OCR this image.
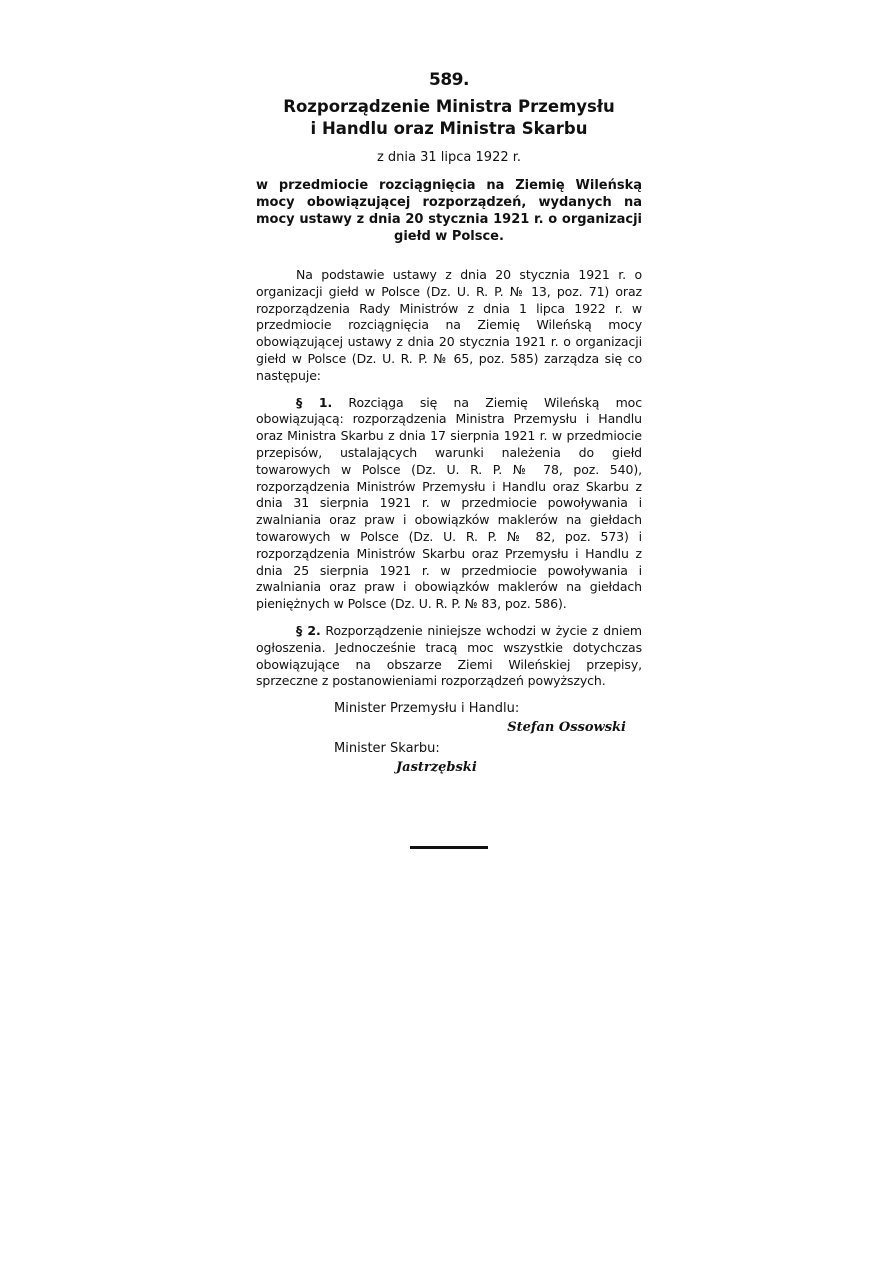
589.
Rozporządzenie Ministra Przemysłu
i Handlu oraz Ministra Skarbu
z dnia 31 lipca 1922 r.
w przedmiocie rozciągnięcia na Ziemię Wileńską mocy obowiązującej rozporządzeń, wydanych na mocy ustawy z dnia 20 stycznia 1921 r. o organizacji giełd w Polsce.

Na podstawie ustawy z dnia 20 stycznia 1921 r. o organizacji giełd w Polsce (Dz. U. R. P. № 13, poz. 71) oraz rozporządzenia Rady Ministrów z dnia 1 lipca 1922 r. w przedmiocie rozciągnięcia na Ziemię Wileńską mocy obowiązującej ustawy z dnia 20 stycznia 1921 r. o organizacji giełd w Polsce (Dz. U. R. P. № 65, poz. 585) zarządza się co następuje:

§ 1. Rozciąga się na Ziemię Wileńską moc obowiązującą: rozporządzenia Ministra Przemysłu i Handlu oraz Ministra Skarbu z dnia 17 sierpnia 1921 r. w przedmiocie przepisów, ustalających warunki należenia do giełd towarowych w Polsce (Dz. U. R. P. № 78, poz. 540), rozporządzenia Ministrów Przemysłu i Handlu oraz Skarbu z dnia 31 sierpnia 1921 r. w przedmiocie powoływania i zwalniania oraz praw i obowiązków maklerów na giełdach towarowych w Polsce (Dz. U. R. P. № 82, poz. 573) i rozporządzenia Ministrów Skarbu oraz Przemysłu i Handlu z dnia 25 sierpnia 1921 r. w przedmiocie powoływania i zwalniania oraz praw i obowiązków maklerów na giełdach pieniężnych w Polsce (Dz. U. R. P. № 83, poz. 586).

§ 2. Rozporządzenie niniejsze wchodzi w życie z dniem ogłoszenia. Jednocześnie tracą moc wszystkie dotychczas obowiązujące na obszarze Ziemi Wileńskiej przepisy, sprzeczne z postanowieniami rozporządzeń powyższych.

Minister Przemysłu i Handlu:
Stefan Ossowski
Minister Skarbu:
Jastrzębski
